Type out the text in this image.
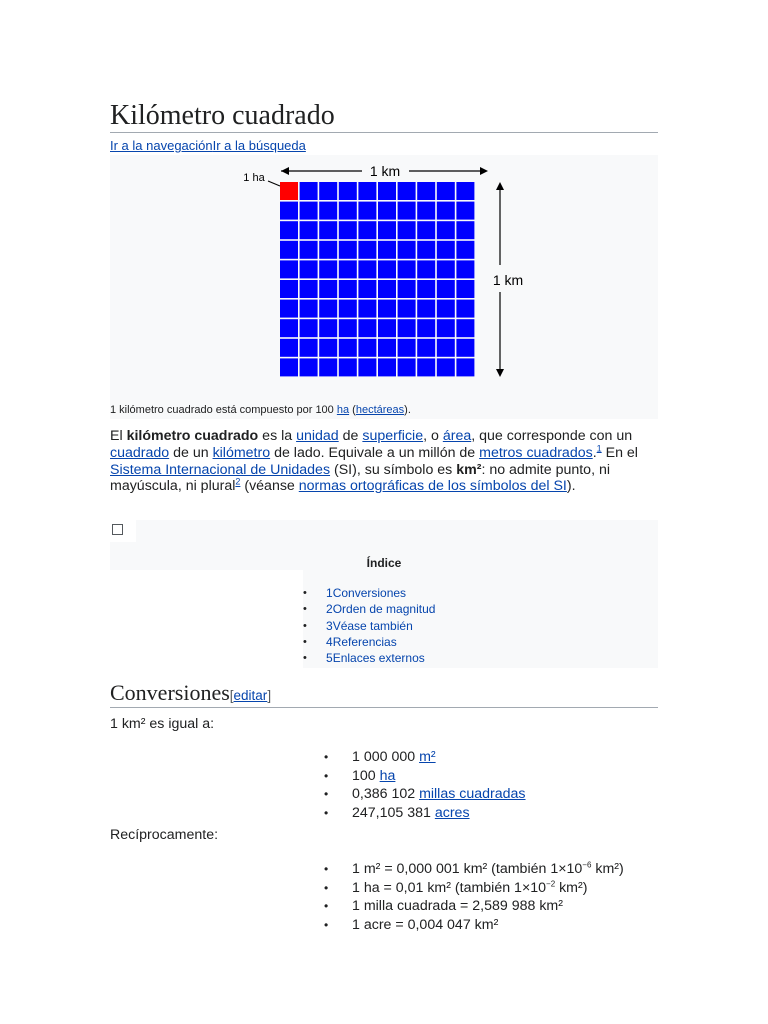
Kilómetro cuadrado
Ir a la navegaciónIr a la búsqueda
1 km
1 km
1 ha
1 kilómetro cuadrado está compuesto por 100 ha (hectáreas).

El kilómetro cuadrado es la unidad de superficie, o área, que corresponde con un cuadrado de un kilómetro de lado. Equivale a un millón de metros cuadrados.$^1$ En el Sistema Internacional de Unidades (SI), su símbolo es km²: no admite punto, ni mayúscula, ni plural$^2$ (véanse normas ortográficas de los símbolos del SI).

Índice
• 1Conversiones
• 2Orden de magnitud
• 3Véase también
• 4Referencias
• 5Enlaces externos
Conversiones[editar]
1 km² es igual a:
• 1 000 000 m²
• 100 ha
• 0,386 102 millas cuadradas
• 247,105 381 acres
Recíprocamente:
• 1 m² = 0,000 001 km² (también $1\times 10^{-6}$ km²)
• 1 ha = 0,01 km² (también $1\times 10^{-2}$ km²)
• 1 milla cuadrada = 2,589 988 km²
• 1 acre = 0,004 047 km²
